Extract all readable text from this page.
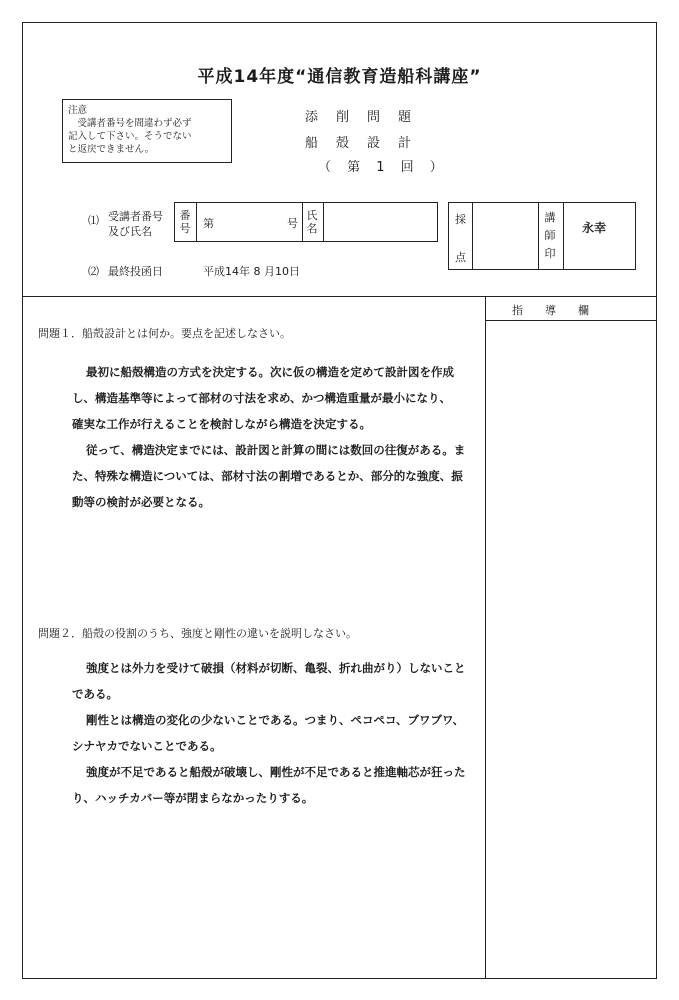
平成14年度“通信教育造船科講座”
注意
　受講者番号を間違わず必ず
記入して下さい。そうでない
と返戻できません。
添削問題
船殻設計
（ 第 1 回 ）
⑴ 受講者番号
及び氏名
番号 第	号
氏名
採
点
講師印
永幸
⑵ 最終投函日	平成14年 8 月10日
指　　導　　欄
問題１．船殻設計とは何か。要点を記述しなさい。
最初に船殻構造の方式を決定する。次に仮の構造を定めて設計図を作成
し、構造基準等によって部材の寸法を求め、かつ構造重量が最小になり、
確実な工作が行えることを検討しながら構造を決定する。
従って、構造決定までには、設計図と計算の間には数回の往復がある。ま
た、特殊な構造については、部材寸法の割増であるとか、部分的な強度、振
動等の検討が必要となる。
問題２．船殻の役割のうち、強度と剛性の違いを説明しなさい。
強度とは外力を受けて破損（材料が切断、亀裂、折れ曲がり）しないこと
である。
剛性とは構造の変化の少ないことである。つまり、ペコペコ、ブワブワ、
シナヤカでないことである。
強度が不足であると船殻が破壊し、剛性が不足であると推進軸芯が狂った
り、ハッチカバー等が閉まらなかったりする。
